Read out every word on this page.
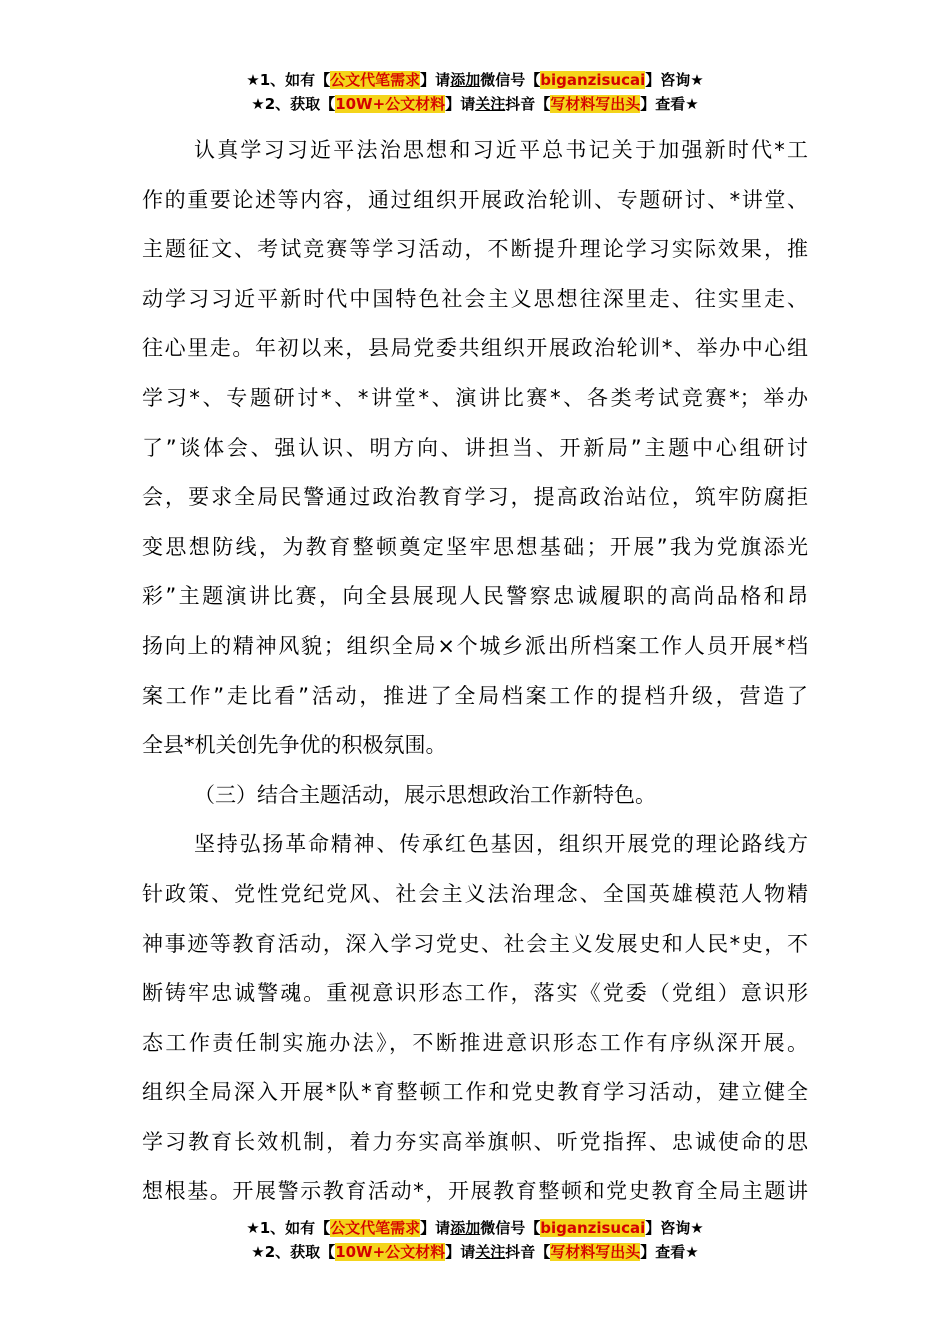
★1、如有【公文代笔需求】请添加微信号【biganzisucai】咨询★
★2、获取【10W+公文材料】请关注抖音【写材料写出头】查看★
认真学习习近平法治思想和习近平总书记关于加强新时代*工
作的重要论述等内容，通过组织开展政治轮训、专题研讨、*讲堂、
主题征文、考试竞赛等学习活动，不断提升理论学习实际效果，推
动学习习近平新时代中国特色社会主义思想往深里走、往实里走、
往心里走。年初以来，县局党委共组织开展政治轮训*、举办中心组
学习*、专题研讨*、*讲堂*、演讲比赛*、各类考试竞赛*；举办
了”谈体会、强认识、明方向、讲担当、开新局”主题中心组研讨
会，要求全局民警通过政治教育学习，提高政治站位，筑牢防腐拒
变思想防线，为教育整顿奠定坚牢思想基础；开展”我为党旗添光
彩”主题演讲比赛，向全县展现人民警察忠诚履职的高尚品格和昂
扬向上的精神风貌；组织全局×个城乡派出所档案工作人员开展*档
案工作”走比看”活动，推进了全局档案工作的提档升级，营造了
全县*机关创先争优的积极氛围。
（三）结合主题活动，展示思想政治工作新特色。
坚持弘扬革命精神、传承红色基因，组织开展党的理论路线方
针政策、党性党纪党风、社会主义法治理念、全国英雄模范人物精
神事迹等教育活动，深入学习党史、社会主义发展史和人民*史，不
断铸牢忠诚警魂。重视意识形态工作，落实《党委（党组）意识形
态工作责任制实施办法》，不断推进意识形态工作有序纵深开展。
组织全局深入开展*队*育整顿工作和党史教育学习活动，建立健全
学习教育长效机制，着力夯实高举旗帜、听党指挥、忠诚使命的思
想根基。开展警示教育活动*，开展教育整顿和党史教育全局主题讲
★1、如有【公文代笔需求】请添加微信号【biganzisucai】咨询★
★2、获取【10W+公文材料】请关注抖音【写材料写出头】查看★
